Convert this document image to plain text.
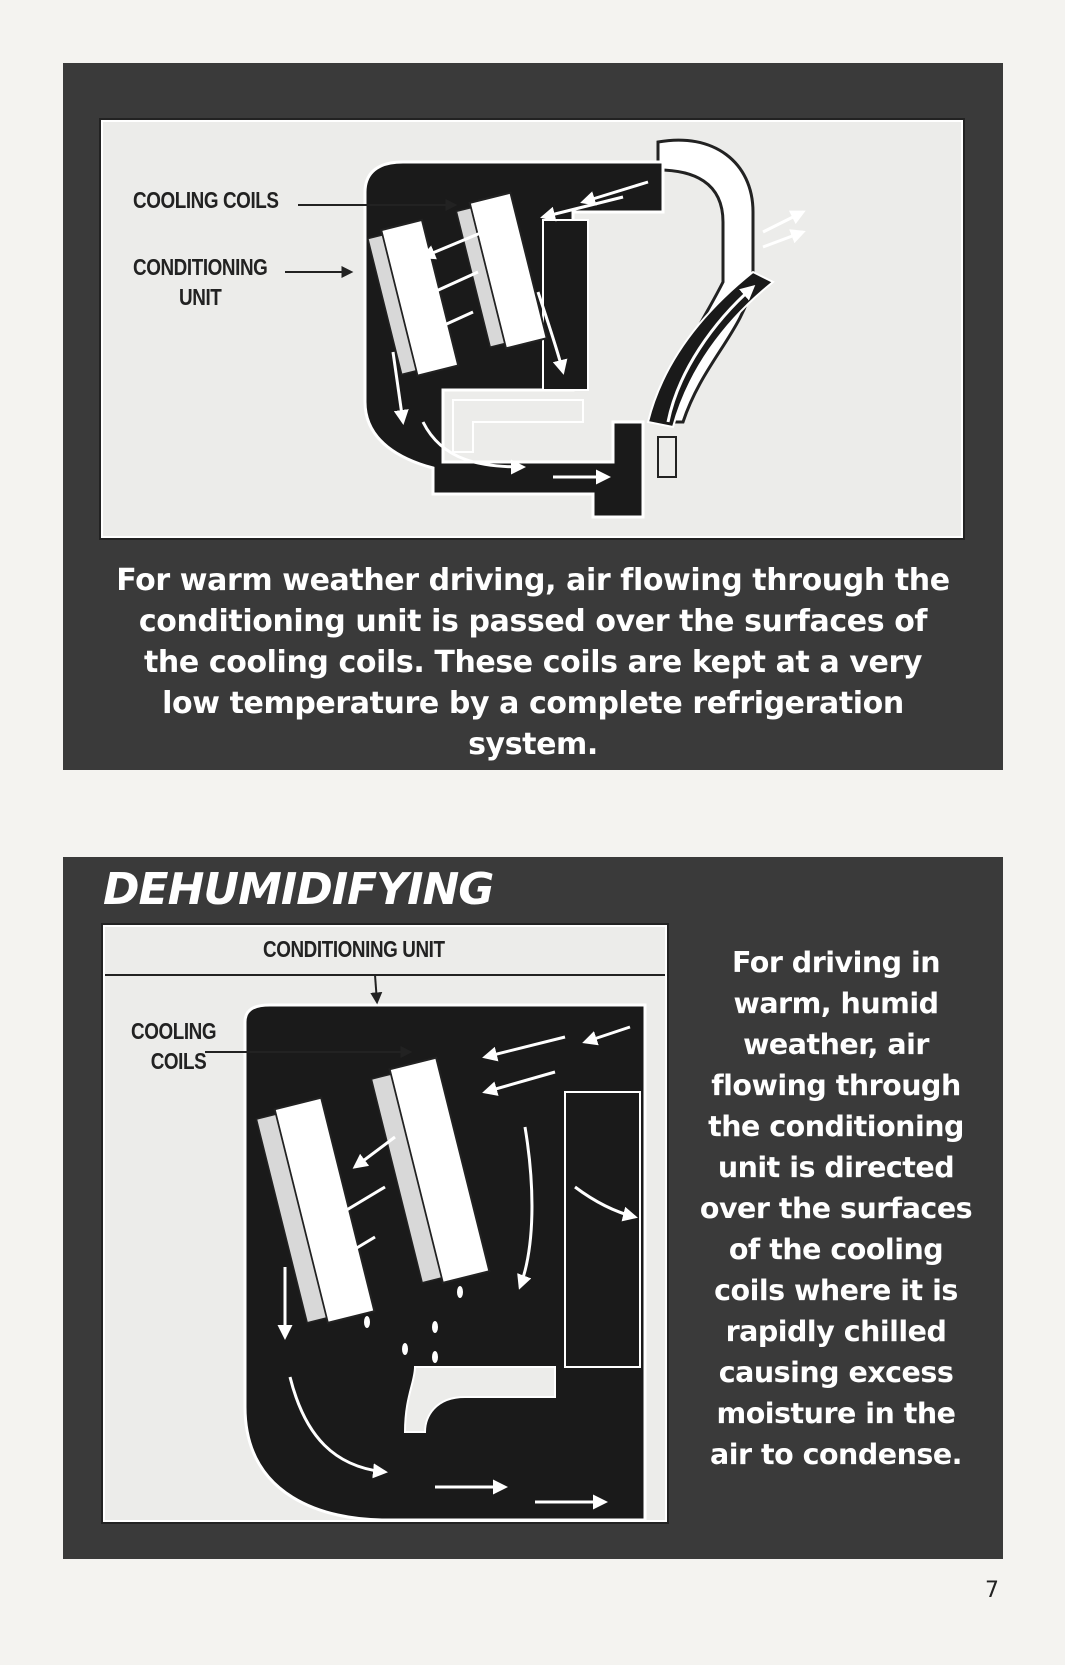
COOLING COILS
CONDITIONING
UNIT
For warm weather driving, air flowing through the conditioning unit is passed over the surfaces of the cooling coils. These coils are kept at a very low temperature by a complete refrigeration system.
DEHUMIDIFYING
CONDITIONING UNIT
COOLING
COILS
For driving in
warm, humid
weather, air
flowing through
the conditioning
unit is directed
over the surfaces
of the cooling
coils where it is
rapidly chilled
causing excess
moisture in the
air to condense.
7
